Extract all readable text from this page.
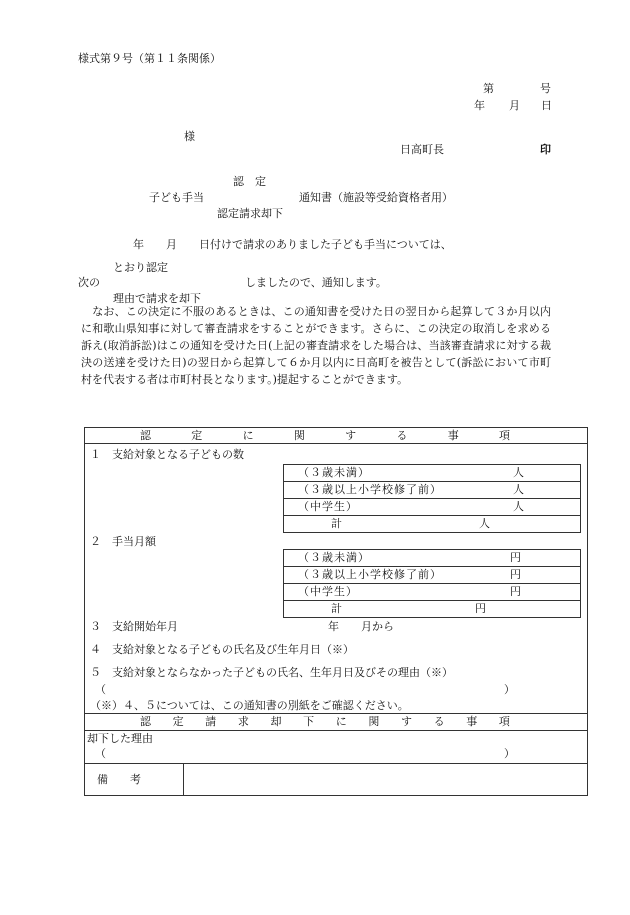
様式第９号（第１１条関係）
第	号
年 月 日
様
日高町長	印
認　定
子ども手当	通知書（施設等受給資格者用）
認定請求却下
年　　月　　日付けで請求のありました子ども手当については、
とおり認定
次の	しましたので、通知します。
理由で請求を却下
　なお、この決定に不服のあるときは、この通知書を受けた日の翌日から起算して３か月以内に和歌山県知事に対して審査請求をすることができます。さらに、この決定の取消しを求める訴え(取消訴訟)はこの通知を受けた日(上記の審査請求をした場合は、当該審査請求に対する裁決の送達を受けた日)の翌日から起算して６か月以内に日高町を被告として(訴訟において市町村を代表する者は市町村長となります。)提起することができます。
認	定	に	関	す	る	事	項
１　支給対象となる子どもの数
（３歳未満）	人
（３歳以上小学校修了前）	人
（中学生）	人
計	人
２　手当月額
（３歳未満）	円
（３歳以上小学校修了前）	円
（中学生）	円
計	円
３　支給開始年月	年　　月から
４　支給対象となる子どもの氏名及び生年月日（※）
５　支給対象とならなかった子どもの氏名、生年月日及びその理由（※）
（	）
（※）４、５については、この通知書の別紙をご確認ください。
認 定 請 求 却 下 に 関 す る 事 項
却下した理由
（	）
備　　考
